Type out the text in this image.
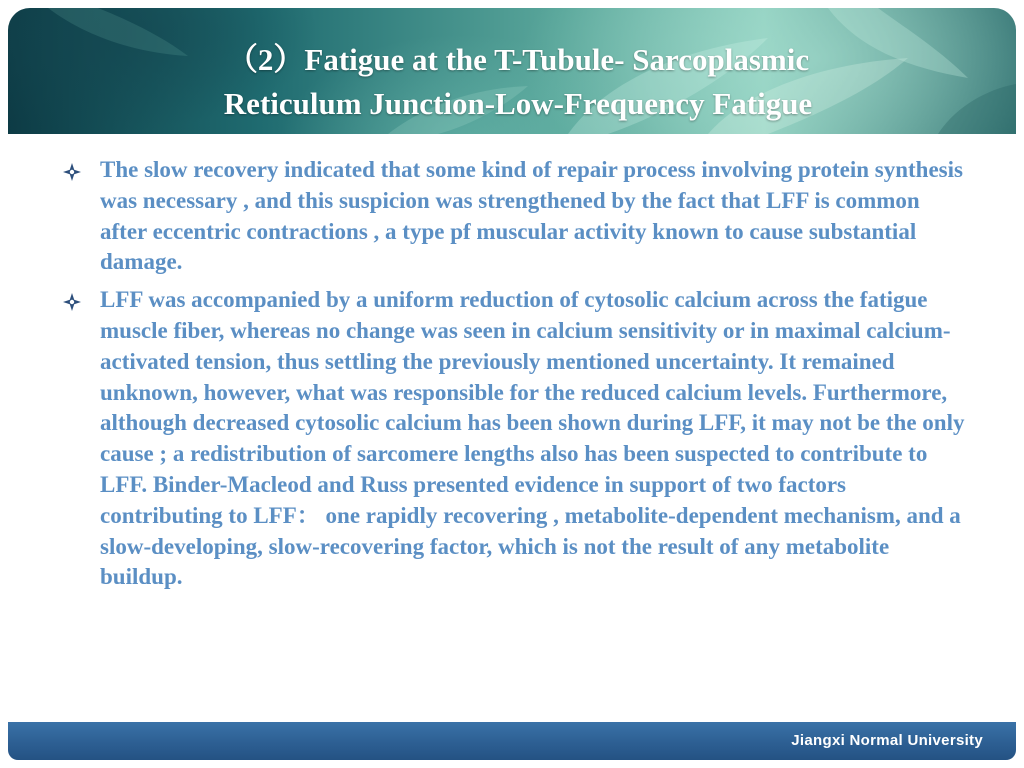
（2）Fatigue at the T-Tubule- Sarcoplasmic
Reticulum Junction-Low-Frequency Fatigue
The slow recovery indicated that some kind of repair process involving protein synthesis was necessary , and this suspicion was strengthened by the fact that LFF is common after eccentric contractions , a type pf muscular activity known to cause substantial damage.
LFF was accompanied by a uniform reduction of cytosolic calcium across the fatigue muscle fiber, whereas no change was seen in calcium sensitivity or in maximal calcium-activated tension, thus settling the previously mentioned uncertainty. It remained unknown, however, what was responsible for the reduced calcium levels. Furthermore, although decreased cytosolic calcium has been shown during LFF, it may not be the only cause ; a redistribution of sarcomere lengths also has been suspected to contribute to LFF. Binder-Macleod and Russ presented evidence in support of two factors contributing to LFF： one rapidly recovering , metabolite-dependent mechanism, and a slow-developing, slow-recovering factor, which is not the result of any metabolite buildup.
Jiangxi Normal University
